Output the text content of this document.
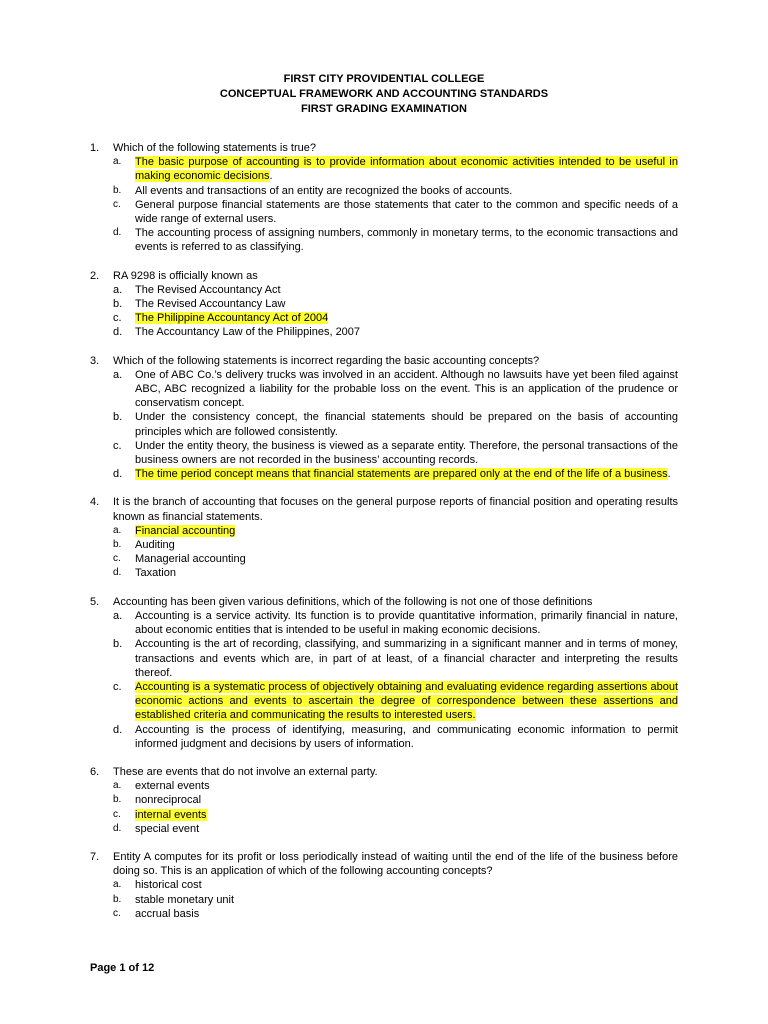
FIRST CITY PROVIDENTIAL COLLEGE
CONCEPTUAL FRAMEWORK AND ACCOUNTING STANDARDS
FIRST GRADING EXAMINATION
1. Which of the following statements is true?
a. The basic purpose of accounting is to provide information about economic activities intended to be useful in making economic decisions.
b. All events and transactions of an entity are recognized the books of accounts.
c. General purpose financial statements are those statements that cater to the common and specific needs of a wide range of external users.
d. The accounting process of assigning numbers, commonly in monetary terms, to the economic transactions and events is referred to as classifying.
2. RA 9298 is officially known as
a. The Revised Accountancy Act
b. The Revised Accountancy Law
c. The Philippine Accountancy Act of 2004
d. The Accountancy Law of the Philippines, 2007
3. Which of the following statements is incorrect regarding the basic accounting concepts?
a. One of ABC Co.’s delivery trucks was involved in an accident. Although no lawsuits have yet been filed against ABC, ABC recognized a liability for the probable loss on the event. This is an application of the prudence or conservatism concept.
b. Under the consistency concept, the financial statements should be prepared on the basis of accounting principles which are followed consistently.
c. Under the entity theory, the business is viewed as a separate entity. Therefore, the personal transactions of the business owners are not recorded in the business’ accounting records.
d. The time period concept means that financial statements are prepared only at the end of the life of a business.
4. It is the branch of accounting that focuses on the general purpose reports of financial position and operating results known as financial statements.
a. Financial accounting
b. Auditing
c. Managerial accounting
d. Taxation
5. Accounting has been given various definitions, which of the following is not one of those definitions
a. Accounting is a service activity. Its function is to provide quantitative information, primarily financial in nature, about economic entities that is intended to be useful in making economic decisions.
b. Accounting is the art of recording, classifying, and summarizing in a significant manner and in terms of money, transactions and events which are, in part of at least, of a financial character and interpreting the results thereof.
c. Accounting is a systematic process of objectively obtaining and evaluating evidence regarding assertions about economic actions and events to ascertain the degree of correspondence between these assertions and established criteria and communicating the results to interested users.
d. Accounting is the process of identifying, measuring, and communicating economic information to permit informed judgment and decisions by users of information.
6. These are events that do not involve an external party.
a. external events
b. nonreciprocal
c. internal events
d. special event
7. Entity A computes for its profit or loss periodically instead of waiting until the end of the life of the business before doing so. This is an application of which of the following accounting concepts?
a. historical cost
b. stable monetary unit
c. accrual basis
Page 1 of 12
